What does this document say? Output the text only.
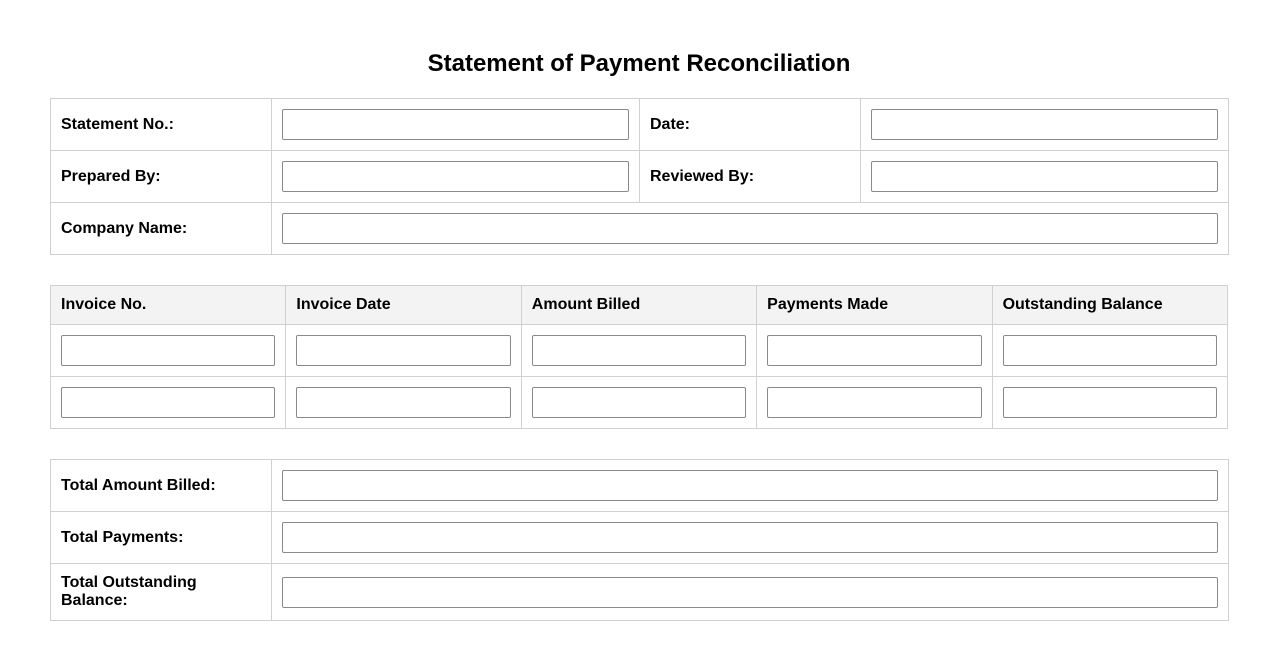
Statement of Payment Reconciliation
Statement No.:		Date:	

Prepared By:		Reviewed By:	

Company Name:	
Invoice No.	Invoice Date	Amount Billed	Payments Made	Outstanding Balance

Total Amount Billed:	

Total Payments:	

Total Outstanding Balance:	
